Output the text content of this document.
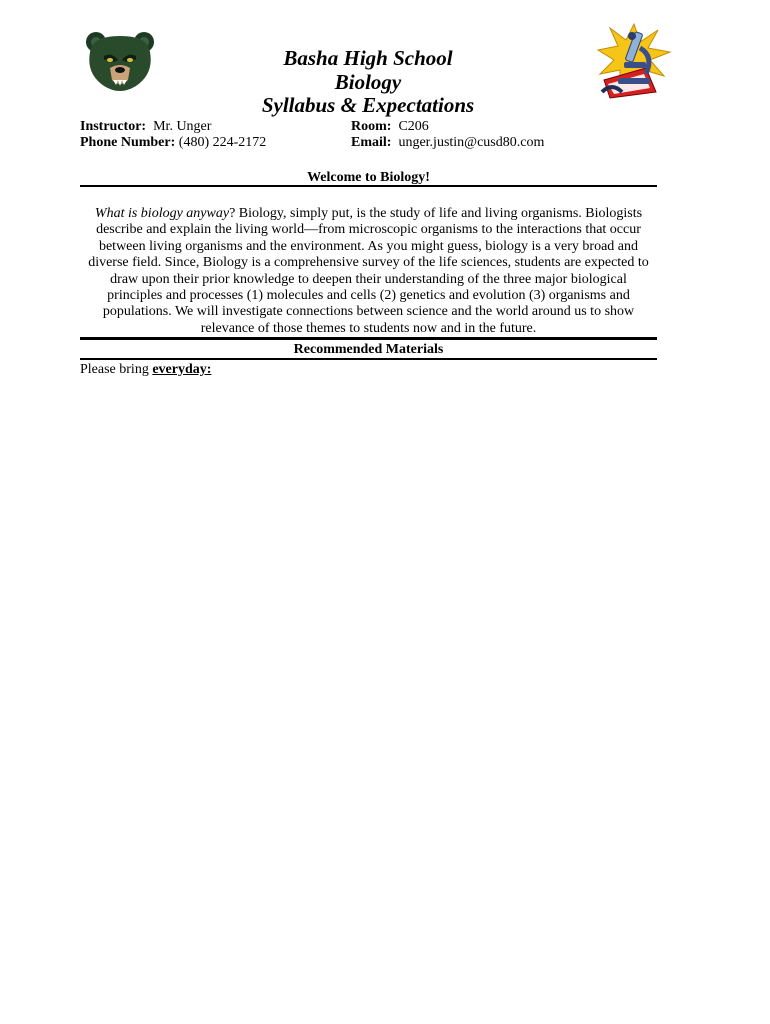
Basha High School
Biology
Syllabus & Expectations
Instructor: Mr. Unger
Phone Number: (480) 224-2172
Room: C206
Email: unger.justin@cusd80.com
Welcome to Biology!
What is biology anyway? Biology, simply put, is the study of life and living organisms. Biologists describe and explain the living world—from microscopic organisms to the interactions that occur between living organisms and the environment. As you might guess, biology is a very broad and diverse field. Since, Biology is a comprehensive survey of the life sciences, students are expected to draw upon their prior knowledge to deepen their understanding of the three major biological principles and processes (1) molecules and cells (2) genetics and evolution (3) organisms and populations. We will investigate connections between science and the world around us to show relevance of those themes to students now and in the future.
Recommended Materials
Please bring everyday:
